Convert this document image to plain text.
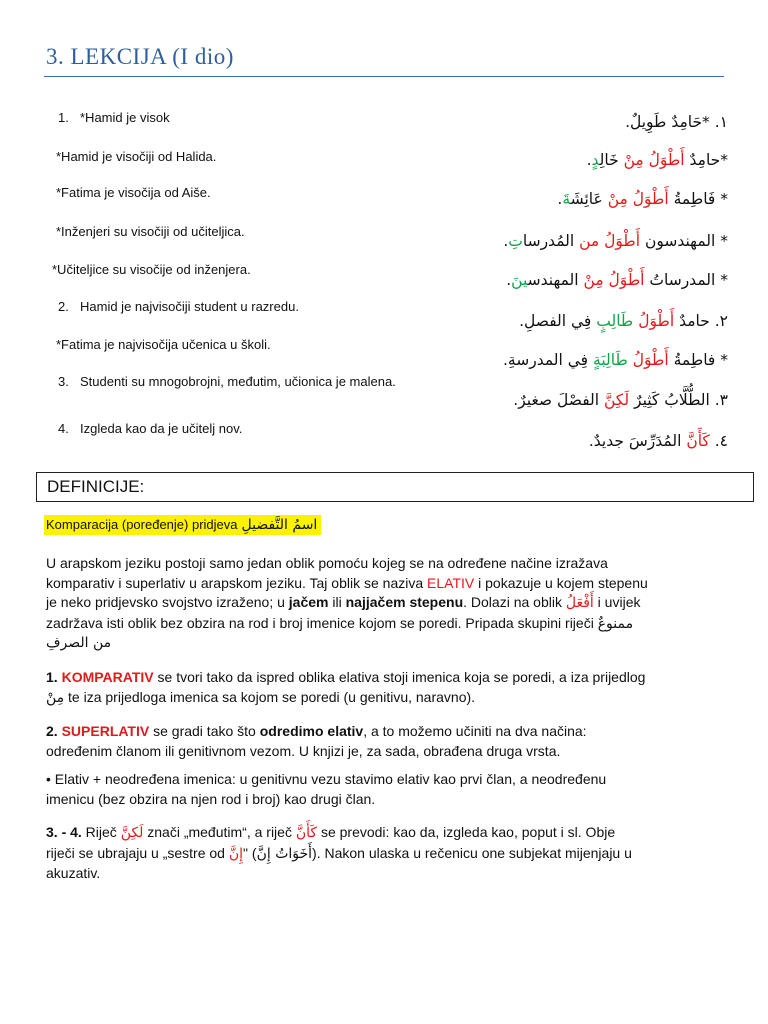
3. LEKCIJA (I dio)
1. *Hamid je visok
*Hamid je visočiji od Halida.
*Fatima je visočija od Aiše.
*Inženjeri su visočiji od učiteljica.
*Učiteljice su visočije od inženjera.
2. Hamid je najvisočiji student u razredu.
*Fatima je najvisočija učenica u školi.
3. Studenti su mnogobrojni, međutim, učionica je malena.
4. Izgleda kao da je učitelj nov.
١. *حَامِدٌ طَوِيلٌ.
*حامِدٌ أَطْوَلُ مِنْ خَالِدٍ.
* فَاطِمةُ أَطْوَلُ مِنْ عَائِشَةَ.
* المهندسون أَطْوَلُ من المُدرساتِ.
* المدرساتُ أَطْوَلُ مِنْ المهندسينَ.
٢. حامدٌ أَطْوَلُ طَالِبٍ فِي الفصلِ.
* فاطِمةُ أَطْوَلُ طَالِبَةٍ فِي المدرسةِ.
٣. الطُّلَّابُ كَثِيرٌ لَكِنَّ الفصْلَ صغيرٌ.
٤. كَأَنَّ المُدَرِّسَ جديدٌ.
DEFINICIJE:
Komparacija (poređenje) pridjeva اسمُ التَّفضيلِ
U arapskom jeziku postoji samo jedan oblik pomoću kojeg se na određene načine izražava
komparativ i superlativ u arapskom jeziku. Taj oblik se naziva ELATIV i pokazuje u kojem stepenu
je neko pridjevsko svojstvo izraženo; u jačem ili najjačem stepenu. Dolazi na oblik أَفْعَلُ i uvijek
zadržava isti oblik bez obzira na rod i broj imenice kojom se poredi. Pripada skupini riječi ممنوعٌ
من الصرفِ
1. KOMPARATIV se tvori tako da ispred oblika elativa stoji imenica koja se poredi, a iza prijedlog
مِنْ te iza prijedloga imenica sa kojom se poredi (u genitivu, naravno).
2. SUPERLATIV se gradi tako što odredimo elativ, a to možemo učiniti na dva načina:
određenim članom ili genitivnom vezom. U knjizi je, za sada, obrađena druga vrsta.
• Elativ + neodređena imenica: u genitivnu vezu stavimo elativ kao prvi član, a neodređenu
imenicu (bez obzira na njen rod i broj) kao drugi član.
3. - 4. Riječ لَكِنَّ znači „međutim“, a riječ كَأَنَّ se prevodi: kao da, izgleda kao, poput i sl. Obje
riječi se ubrajaju u „sestre od إِنَّ" (أَخَوَاتُ إِنَّ). Nakon ulaska u rečenicu one subjekat mijenjaju u
akuzativ.
